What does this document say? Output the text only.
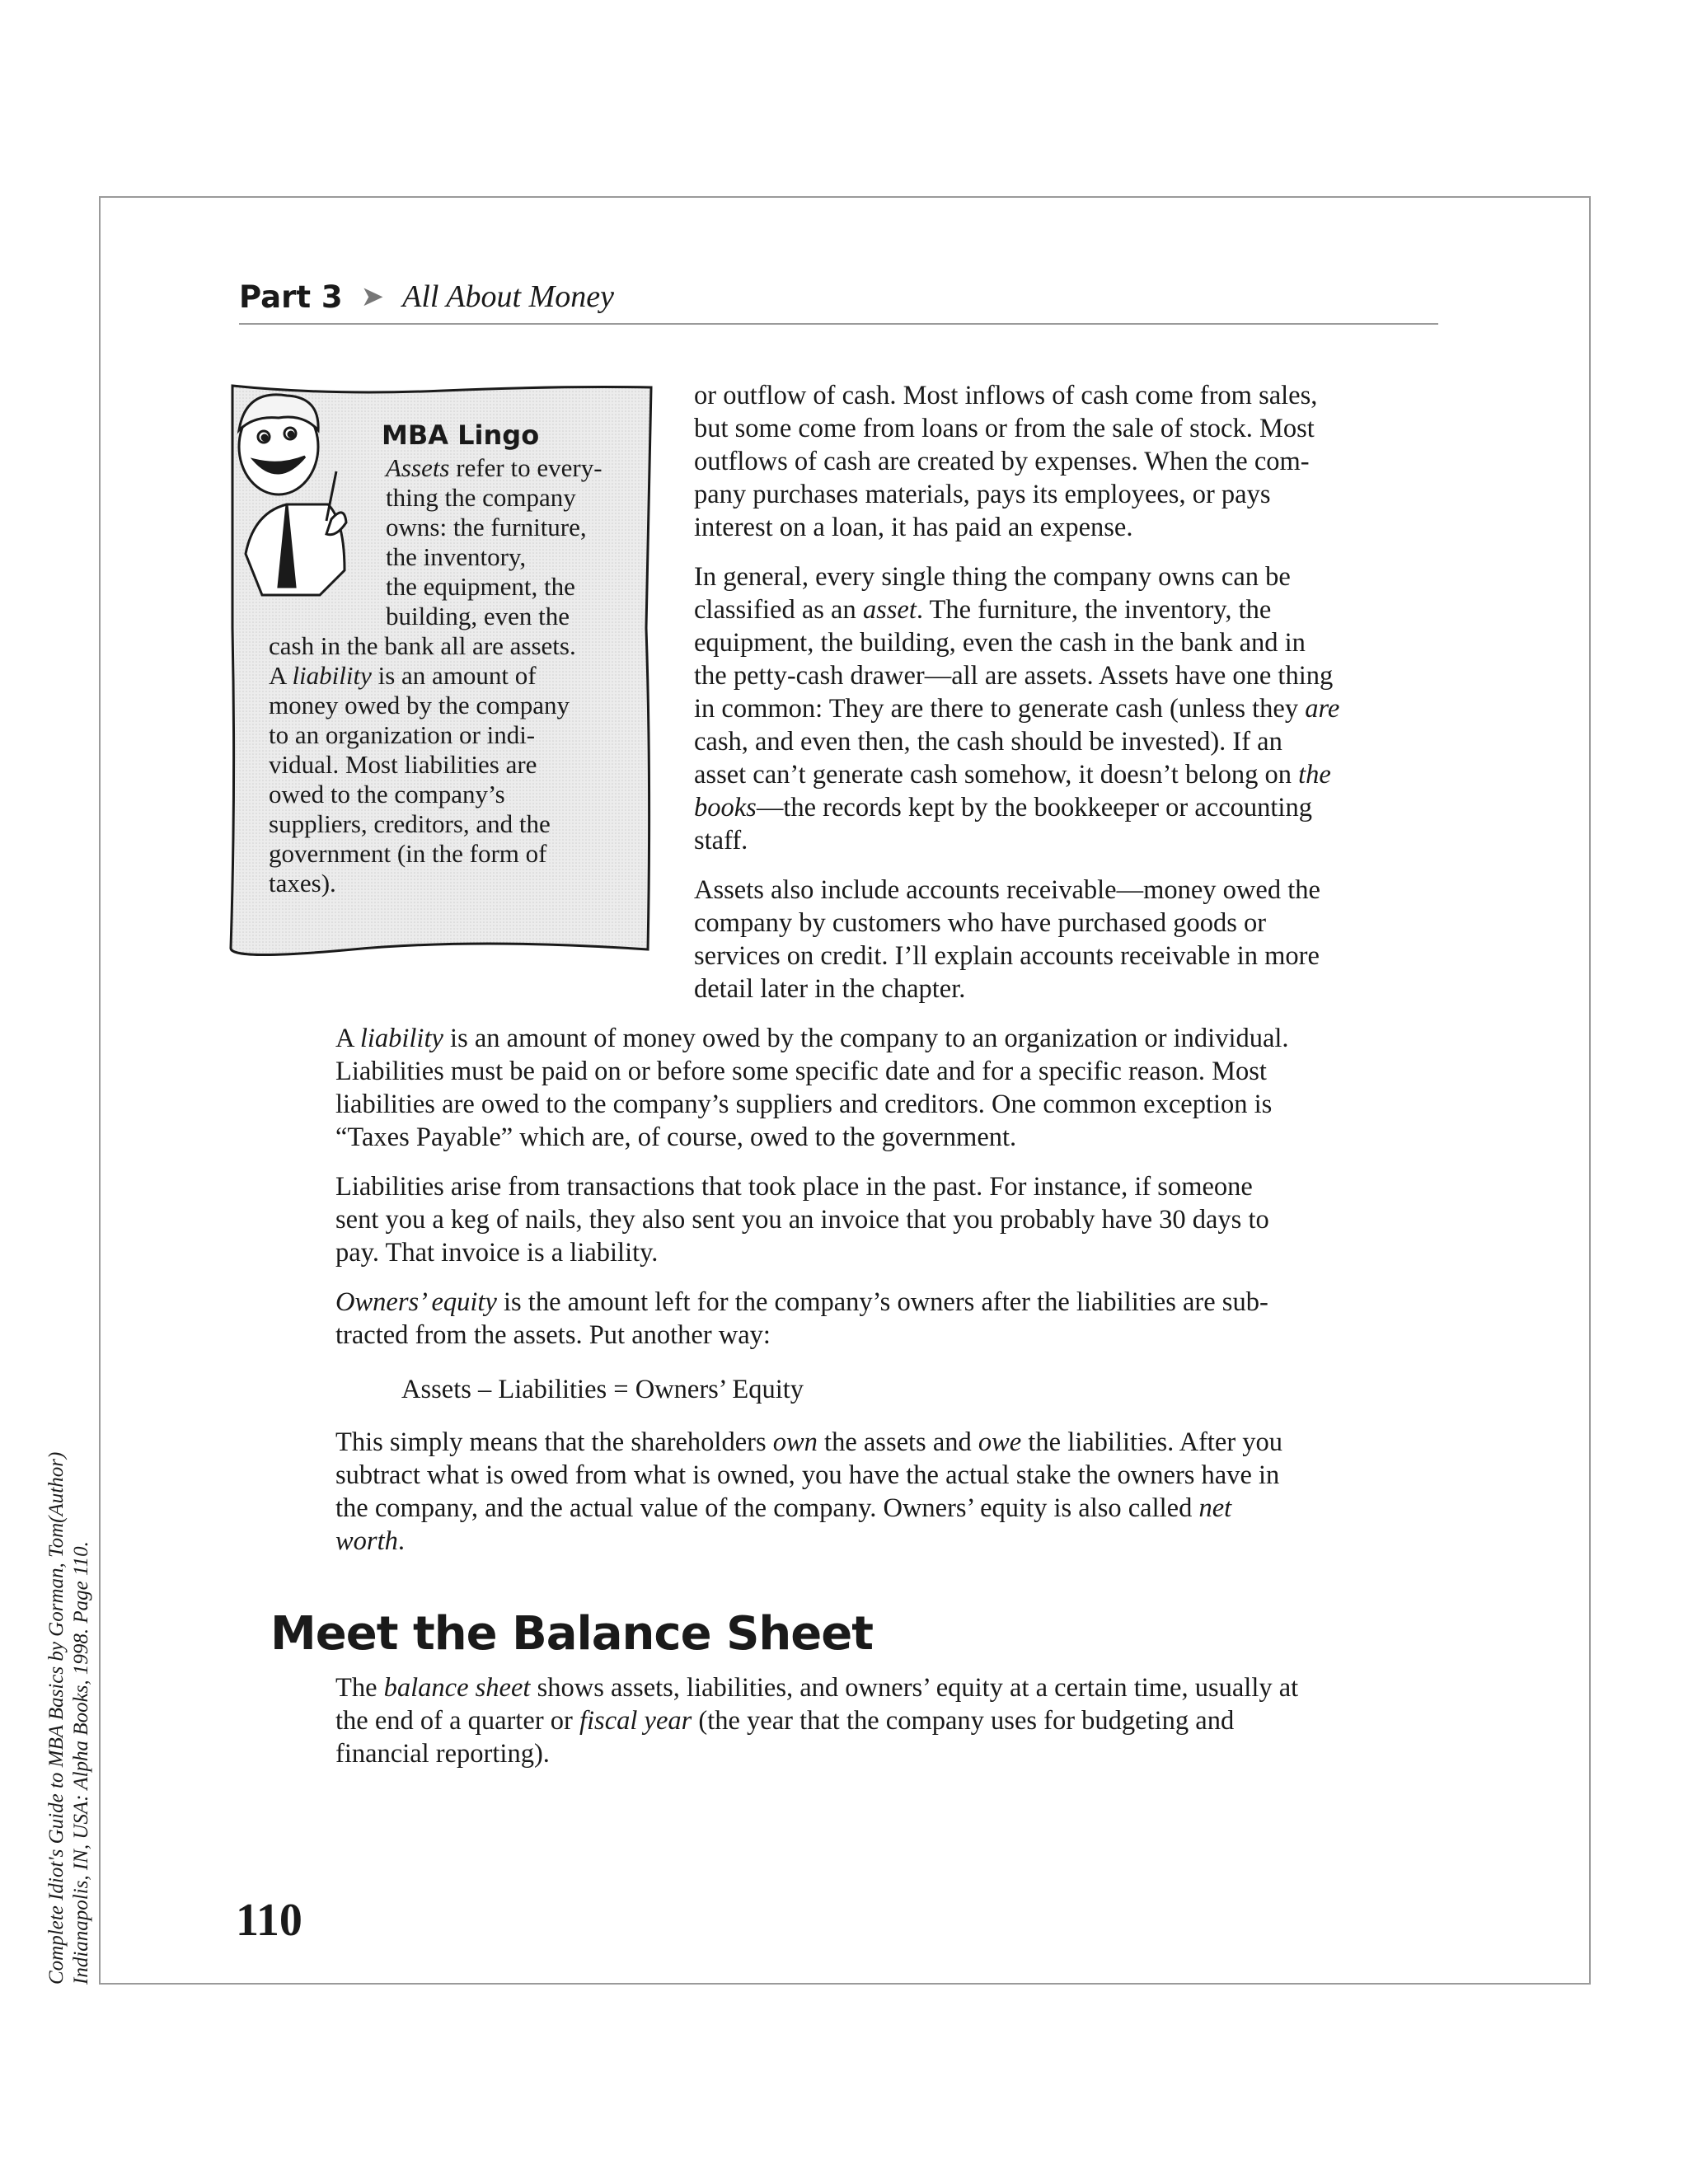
Part 3 ➤ All About Money
MBA Lingo
Assets refer to every-
thing the company
owns: the furniture,
the inventory,
the equipment, the
building, even the
cash in the bank all are assets.
A liability is an amount of
money owed by the company
to an organization or indi-
vidual. Most liabilities are
owed to the company’s
suppliers, creditors, and the
government (in the form of
taxes).

or outflow of cash. Most inflows of cash come from sales,
but some come from loans or from the sale of stock. Most
outflows of cash are created by expenses. When the com-
pany purchases materials, pays its employees, or pays
interest on a loan, it has paid an expense.

In general, every single thing the company owns can be
classified as an asset. The furniture, the inventory, the
equipment, the building, even the cash in the bank and in
the petty-cash drawer—all are assets. Assets have one thing
in common: They are there to generate cash (unless they are
cash, and even then, the cash should be invested). If an
asset can’t generate cash somehow, it doesn’t belong on the
books—the records kept by the bookkeeper or accounting
staff.

Assets also include accounts receivable—money owed the
company by customers who have purchased goods or
services on credit. I’ll explain accounts receivable in more
detail later in the chapter.

A liability is an amount of money owed by the company to an organization or individual.
Liabilities must be paid on or before some specific date and for a specific reason. Most
liabilities are owed to the company’s suppliers and creditors. One common exception is
“Taxes Payable” which are, of course, owed to the government.

Liabilities arise from transactions that took place in the past. For instance, if someone
sent you a keg of nails, they also sent you an invoice that you probably have 30 days to
pay. That invoice is a liability.

Owners’ equity is the amount left for the company’s owners after the liabilities are sub-
tracted from the assets. Put another way:

Assets – Liabilities = Owners’ Equity

This simply means that the shareholders own the assets and owe the liabilities. After you
subtract what is owed from what is owned, you have the actual stake the owners have in
the company, and the actual value of the company. Owners’ equity is also called net
worth.

Meet the Balance Sheet
The balance sheet shows assets, liabilities, and owners’ equity at a certain time, usually at
the end of a quarter or fiscal year (the year that the company uses for budgeting and
financial reporting).
110
Complete Idiot's Guide to MBA Basics by Gorman, Tom(Author) Indianapolis, IN, USA: Alpha Books, 1998. Page 110.
